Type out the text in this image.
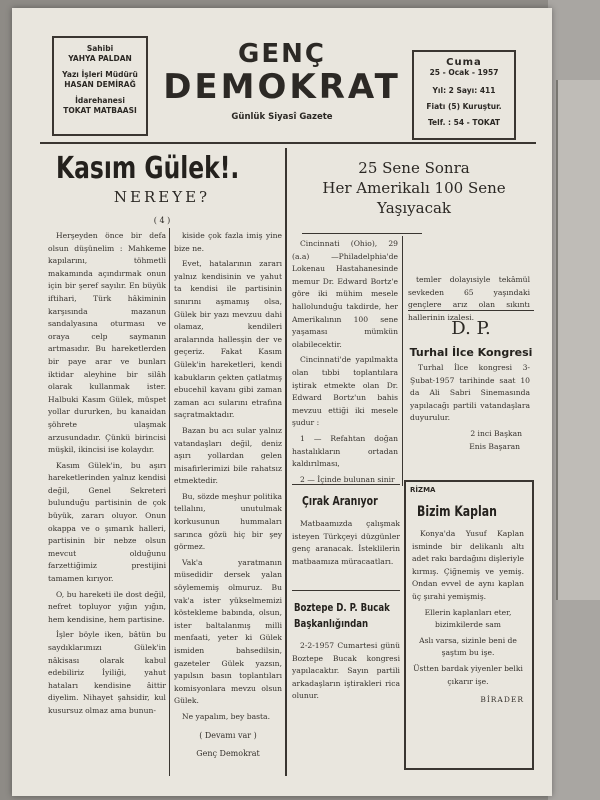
Sahibi
YAHYA PALDAN
Yazı İşleri Müdürü
HASAN DEMİRAĞ
İdarehanesi
TOKAT MATBAASI
GENÇ
DEMOKRAT
Günlük Siyasî Gazete
Cuma
25 - Ocak - 1957
Yıl: 2 Sayı: 411
Fiatı (5) Kuruştur.
Telf. : 54 - TOKAT
Kasım Gülek!.
NEREYE?
( 4 )

Herşeyden önce bir defa olsun düşünelim : Mahkeme kapılarını, töhmetli makamında açındırmak onun için bir şeref sayılır. En büyük iftihari, Türk hâkiminin karşısında mazanun sandalyasına oturması ve oraya celp saymanın artmasıdır. Bu hareketlerden bir paye arar ve bunları iktidar aleyhine bir silâh olarak kullanmak ister. Halbuki Kasım Gülek, müspet yollar dururken, bu kanaidan şöhrete ulaşmak arzusundadır. Çünkü birincisi müşkil, ikincisi ise kolaydır.

Kasım Gülek'in, bu aşırı hareketlerinden yalnız kendisi değil, Genel Sekreteri bulunduğu partisinin de çok büyük, zararı oluyor. Onun okappa ve o şımarık halleri, partisinin bir nebze olsun mevcut olduğunu farzettiğimiz prestijini tamamen kırıyor.

O, bu hareketi ile dost değil, nefret topluyor yığın yığın, hem kendisine, hem partisine.

İşler böyle iken, bâtün bu saydıklarımızı Gülek'in nâkisası olarak kabul edebiliriz İyiliği, yahut hataları kendisine âittir diyelim. Nihayet şahsidir, kul kusursuz olmaz ama bunun-

kiside çok fazla imiş yine bize ne.

Evet, hatalarının zararı yalnız kendisinin ve yahut ta kendisi ile partisinin sınırını aşmamış olsa, Gülek bir yazı mevzuu dahi olamaz, kendileri aralarında hallesşin der ve geçeriz. Fakat Kasım Gülek'in hareketleri, kendi kabukların çekten çatlatmış ebucehil kavanı gibi zaman zaman acı sularını etrafına saçratmaktadır.

Bazan bu acı sular yalnız vatandaşları değil, deniz aşırı yollardan gelen misafirlerimizi bile rahatsız etmektedir.

Bu, sözde meşhur politika tellalını, unutulmak korkusunun hummaları sarınca gözü hiç bir şey görmez.

Vak'a yaratmanın müsedidir dersek yalan söylememiş olmuruz. Bu vak'a ister yükselmemizi köstekleme babında, olsun, ister baltalanmış milli menfaati, yeter ki Gülek ismiden bahsedilsin, gazeteler Gülek yazsın, yapılsın basın toplantıları komisyonlara mevzu olsun Gülek.

Ne yapalım, bey basta.

( Devamı var )
Genç Demokrat
25 Sene Sonra
Her Amerikalı 100 Sene
Yaşıyacak

Cincinnati (Ohio), 29 (a.a) —Philadelphia'de Lokenau Hastahanesinde memur Dr. Edward Bortz'e göre iki mühim mesele hallolunduğu takdirde, her Amerikalının 100 sene yaşaması mümkün olabilecektir.

Cincinnati'de yapılmakta olan tıbbi toplantılara iştirak etmekte olan Dr. Edward Bortz'un bahis mevzuu ettiği iki mesele şudur :

1 — Refahtan doğan hastalıkların ortadan kaldırılması,

2 — İçinde bulunan sinir

temler dolayısiyle tekâmül sevkeden 65 yaşındaki gençlere arız olan sıkıntı hallerinin izalesi.

D. P.
Turhal İlce Kongresi

Turhal İlce kongresi 3-Şubat-1957 tarihinde saat 10 da Ali Sabri Sinemasında yapılacağı partili vatandaşlara duyurulur.

2 inci Başkan
Enis Başaran
Çırak Aranıyor

Matbaamızda çalışmak isteyen Türkçeyi düzgünler genç aranacak. İsteklilerin matbaamıza müracaatları.

Boztepe D. P. Bucak
Başkanlığından

2-2-1957 Cumartesi günü Boztepe Bucak kongresi yapılacaktır. Sayın partili arkadaşların iştirakleri rica olunur.

RİZMA
Bizim Kaplan

Konya'da Yusuf Kaplan isminde bir delikanlı altı adet rakı bardağını dişleriyle kırmış. Çiğnemiş ve yemiş. Ondan evvel de aynı kaplan üç şırahi yemişmiş.

Ellerin kaplanları eter, bizimkilerde sam

Aslı varsa, sizinle beni de şaştım bu işe.

Üstten bardak yiyenler belki çıkarır işe.

BİRADER
